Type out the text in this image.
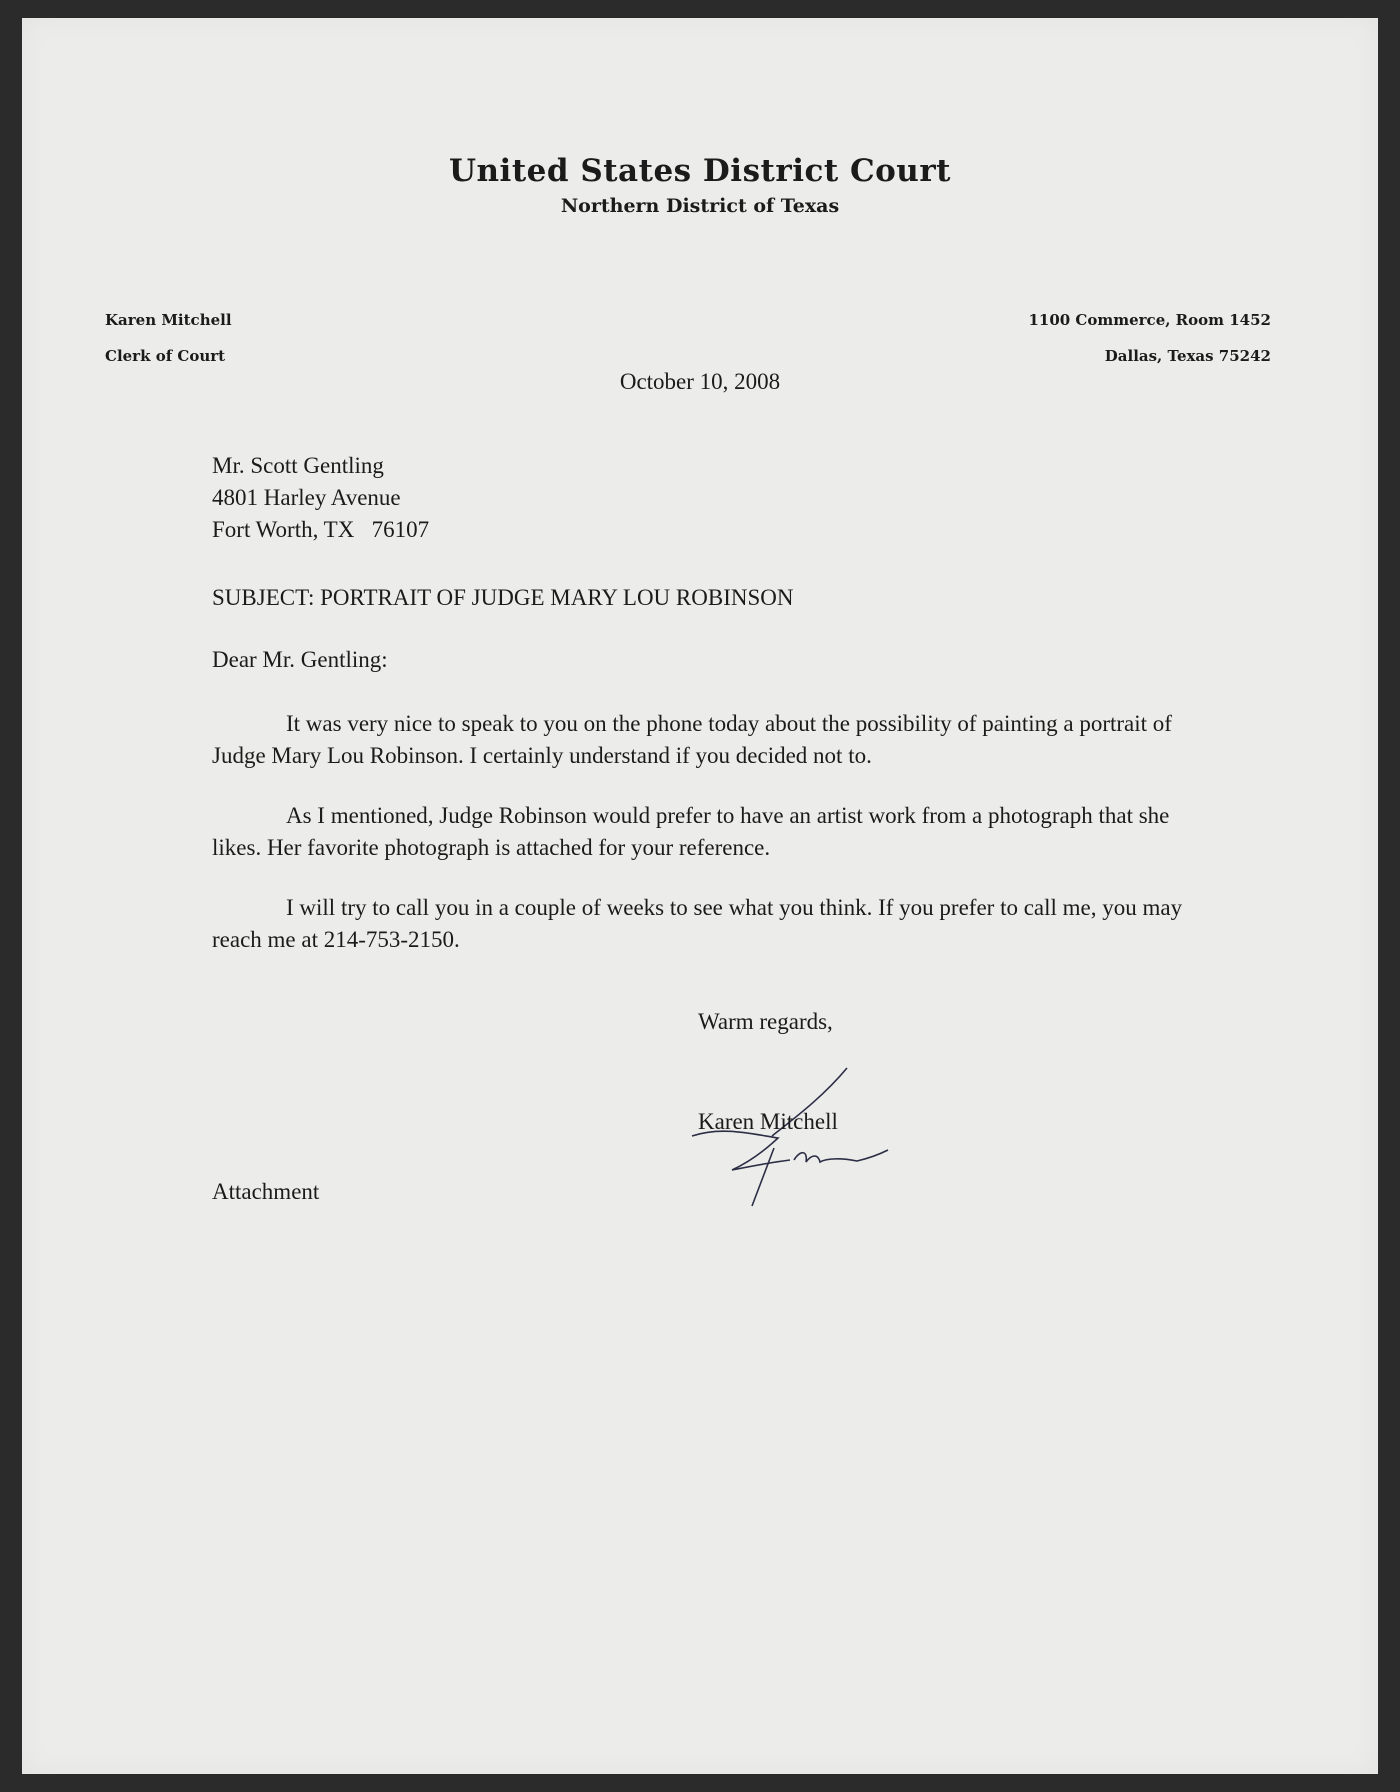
United States District Court
Northern District of Texas
Karen Mitchell
Clerk of Court
1100 Commerce, Room 1452
Dallas, Texas 75242
October 10, 2008
Mr. Scott Gentling
4801 Harley Avenue
Fort Worth, TX   76107
SUBJECT: PORTRAIT OF JUDGE MARY LOU ROBINSON
Dear Mr. Gentling:

It was very nice to speak to you on the phone today about the possibility of painting a portrait of Judge Mary Lou Robinson. I certainly understand if you decided not to.

As I mentioned, Judge Robinson would prefer to have an artist work from a photograph that she likes. Her favorite photograph is attached for your reference.

I will try to call you in a couple of weeks to see what you think. If you prefer to call me, you may reach me at 214-753-2150.

Warm regards,
Karen Mitchell
Attachment
